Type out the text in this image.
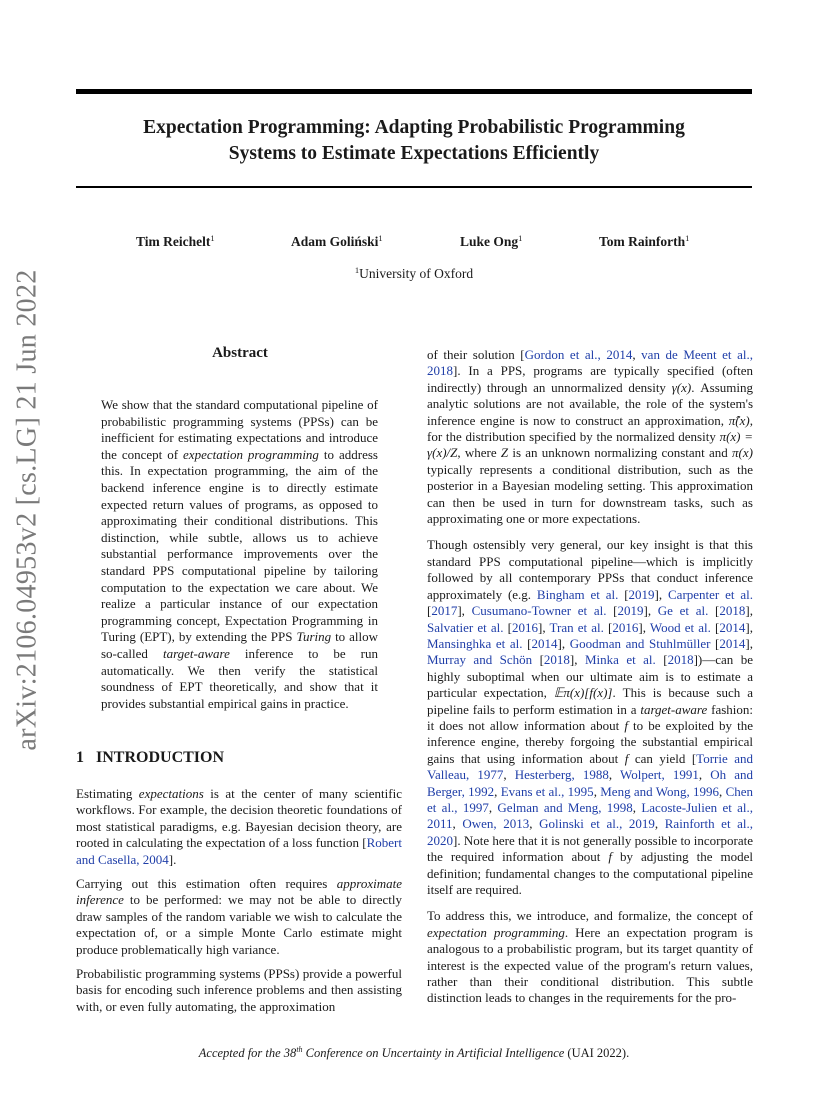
arXiv:2106.04953v2 [cs.LG] 21 Jun 2022
Expectation Programming: Adapting Probabilistic Programming
Systems to Estimate Expectations Efficiently
Tim Reichelt$^1$	Adam Goliński$^1$	Luke Ong$^1$	Tom Rainforth$^1$
$^1$University of Oxford
Abstract
We show that the standard computational pipeline of probabilistic programming systems (PPSs) can be inefficient for estimating expectations and introduce the concept of expectation programming to address this. In expectation programming, the aim of the backend inference engine is to directly estimate expected return values of programs, as opposed to approximating their conditional distributions. This distinction, while subtle, allows us to achieve substantial performance improvements over the standard PPS computational pipeline by tailoring computation to the expectation we care about. We realize a particular instance of our expectation programming concept, Expectation Programming in Turing (EPT), by extending the PPS Turing to allow so-called target-aware inference to be run automatically. We then verify the statistical soundness of EPT theoretically, and show that it provides substantial empirical gains in practice.
1 INTRODUCTION

Estimating expectations is at the center of many scientific workflows. For example, the decision theoretic foundations of most statistical paradigms, e.g. Bayesian decision theory, are rooted in calculating the expectation of a loss function [Robert and Casella, 2004].

Carrying out this estimation often requires approximate inference to be performed: we may not be able to directly draw samples of the random variable we wish to calculate the expectation of, or a simple Monte Carlo estimate might produce problematically high variance.

Probabilistic programming systems (PPSs) provide a powerful basis for encoding such inference problems and then assisting with, or even fully automating, the approximation

of their solution [Gordon et al., 2014, van de Meent et al., 2018]. In a PPS, programs are typically specified (often indirectly) through an unnormalized density γ(x). Assuming analytic solutions are not available, the role of the system's inference engine is now to construct an approximation, π̂(x), for the distribution specified by the normalized density π(x) = γ(x)/Z, where Z is an unknown normalizing constant and π(x) typically represents a conditional distribution, such as the posterior in a Bayesian modeling setting. This approximation can then be used in turn for downstream tasks, such as approximating one or more expectations.

Though ostensibly very general, our key insight is that this standard PPS computational pipeline—which is implicitly followed by all contemporary PPSs that conduct inference approximately (e.g. Bingham et al. [2019], Carpenter et al. [2017], Cusumano-Towner et al. [2019], Ge et al. [2018], Salvatier et al. [2016], Tran et al. [2016], Wood et al. [2014], Mansinghka et al. [2014], Goodman and Stuhlmüller [2014], Murray and Schön [2018], Minka et al. [2018])—can be highly suboptimal when our ultimate aim is to estimate a particular expectation, 𝔼π(x)[f(x)]. This is because such a pipeline fails to perform estimation in a target-aware fashion: it does not allow information about f to be exploited by the inference engine, thereby forgoing the substantial empirical gains that using information about f can yield [Torrie and Valleau, 1977, Hesterberg, 1988, Wolpert, 1991, Oh and Berger, 1992, Evans et al., 1995, Meng and Wong, 1996, Chen et al., 1997, Gelman and Meng, 1998, Lacoste-Julien et al., 2011, Owen, 2013, Golinski et al., 2019, Rainforth et al., 2020]. Note here that it is not generally possible to incorporate the required information about f by adjusting the model definition; fundamental changes to the computational pipeline itself are required.

To address this, we introduce, and formalize, the concept of expectation programming. Here an expectation program is analogous to a probabilistic program, but its target quantity of interest is the expected value of the program's return values, rather than their conditional distribution. This subtle distinction leads to changes in the requirements for the pro-

Accepted for the 38th Conference on Uncertainty in Artificial Intelligence (UAI 2022).
